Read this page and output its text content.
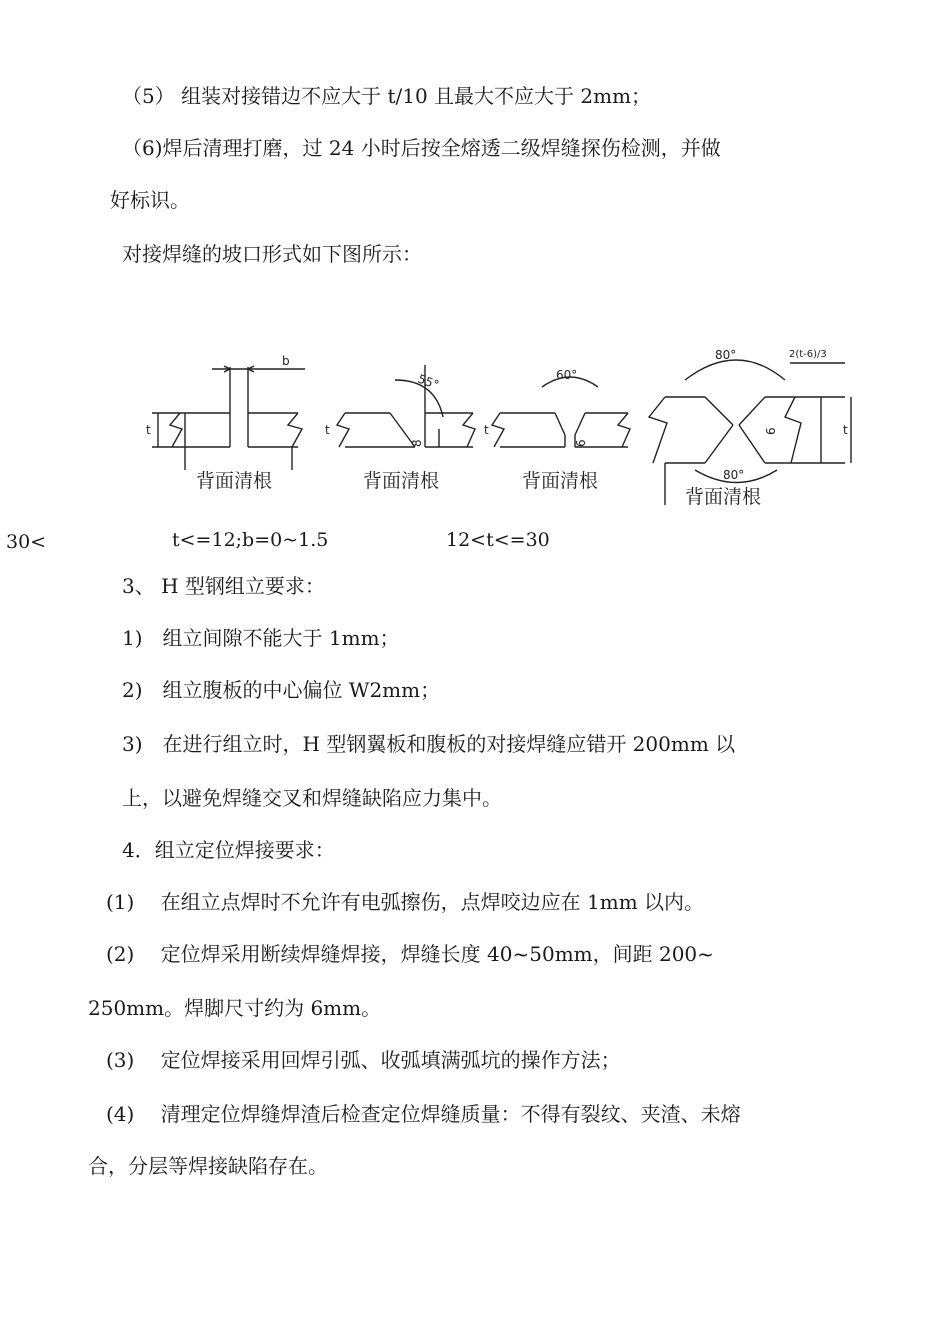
（5） 组装对接错边不应大于 t/10 且最大不应大于 2mm；
（6)焊后清理打磨，过 24 小时后按全熔透二级焊缝探伤检测，并做
好标识。
对接焊缝的坡口形式如下图所示：
b
t
背面清根
55°
8
t
背面清根
60°
6
t
背面清根
80°
80°
2(t-6)/3
6	t
背面清根
30<	t<=12;b=0~1.5	12<t<=30
3、 H 型钢组立要求：
1)　组立间隙不能大于 1mm；
2)　组立腹板的中心偏位 W2mm；
3)　在进行组立时，H 型钢翼板和腹板的对接焊缝应错开 200mm 以
上，以避免焊缝交叉和焊缝缺陷应力集中。
4．组立定位焊接要求：
(1)　 在组立点焊时不允许有电弧擦伤，点焊咬边应在 1mm 以内。
(2)　 定位焊采用断续焊缝焊接，焊缝长度 40~50mm，间距 200~
250mm。焊脚尺寸约为 6mm。
(3)　 定位焊接采用回焊引弧、收弧填满弧坑的操作方法；
(4)　 清理定位焊缝焊渣后检查定位焊缝质量：不得有裂纹、夹渣、未熔
合，分层等焊接缺陷存在。
